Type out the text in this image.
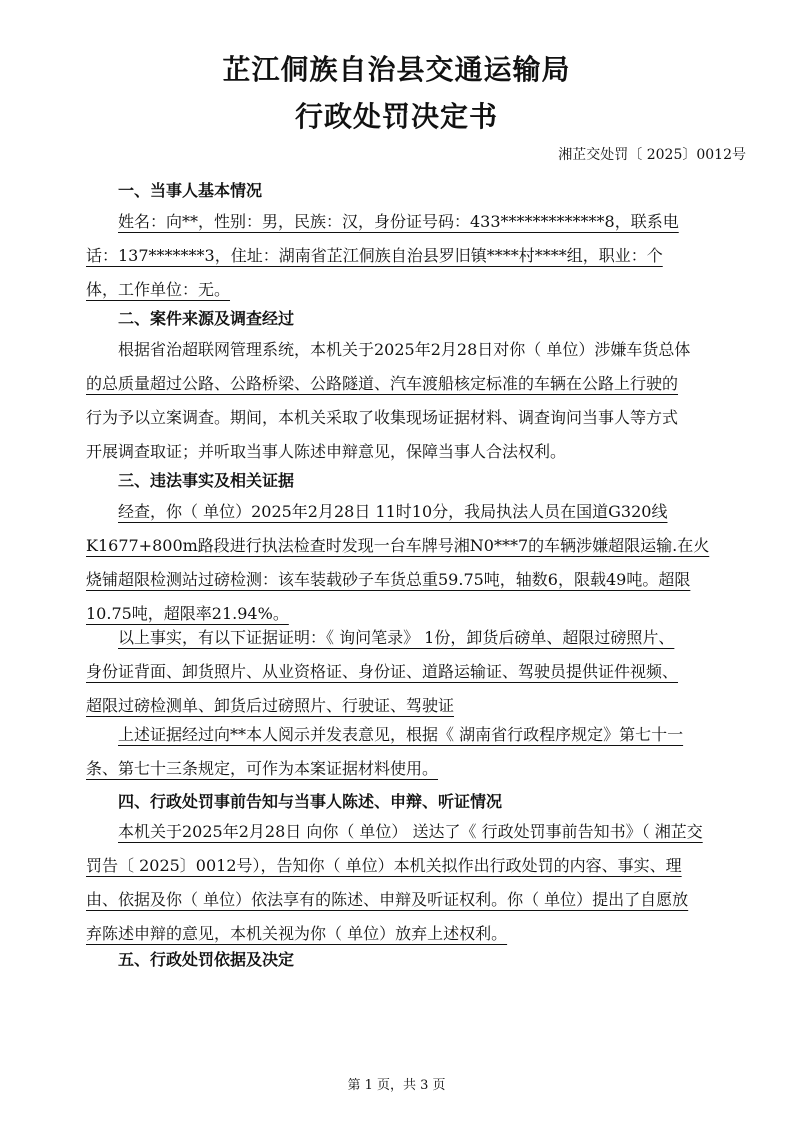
芷江侗族自治县交通运输局
行政处罚决定书
湘芷交处罚〔 2025〕0012号
一、当事人基本情况
姓名：向**，性别：男，民族：汉，身份证号码：433*************8，联系电
话：137*******3，住址：湖南省芷江侗族自治县罗旧镇****村****组，职业：个
体，工作单位：无。
二、案件来源及调查经过
根据省治超联网管理系统，本机关于2025年2月28日对你（ 单位）涉嫌车货总体
的总质量超过公路、公路桥梁、公路隧道、汽车渡船核定标准的车辆在公路上行驶的
行为予以立案调查。期间，本机关采取了收集现场证据材料、调查询问当事人等方式
开展调查取证；并听取当事人陈述申辩意见，保障当事人合法权利。
三、违法事实及相关证据
经查，你（ 单位）2025年2月28日 11时10分，我局执法人员在国道G320线
K1677+800m路段进行执法检查时发现一台车牌号湘N0***7的车辆涉嫌超限运输.在火
烧铺超限检测站过磅检测：该车装载砂子车货总重59.75吨，轴数6，限载49吨。超限
10.75吨，超限率21.94%。
以上事实，有以下证据证明：《 询问笔录》 1份，卸货后磅单、超限过磅照片、
身份证背面、卸货照片、从业资格证、身份证、道路运输证、驾驶员提供证件视频、
超限过磅检测单、卸货后过磅照片、行驶证、驾驶证
上述证据经过向**本人阅示并发表意见，根据《 湖南省行政程序规定》第七十一
条、第七十三条规定，可作为本案证据材料使用。
四、行政处罚事前告知与当事人陈述、申辩、听证情况
本机关于2025年2月28日 向你（ 单位） 送达了《 行政处罚事前告知书》（ 湘芷交
罚告〔 2025〕0012号），告知你（ 单位）本机关拟作出行政处罚的内容、事实、理
由、依据及你（ 单位）依法享有的陈述、申辩及听证权利。你（ 单位）提出了自愿放
弃陈述申辩的意见，本机关视为你（ 单位）放弃上述权利。
五、行政处罚依据及决定
第 1 页，共 3 页
